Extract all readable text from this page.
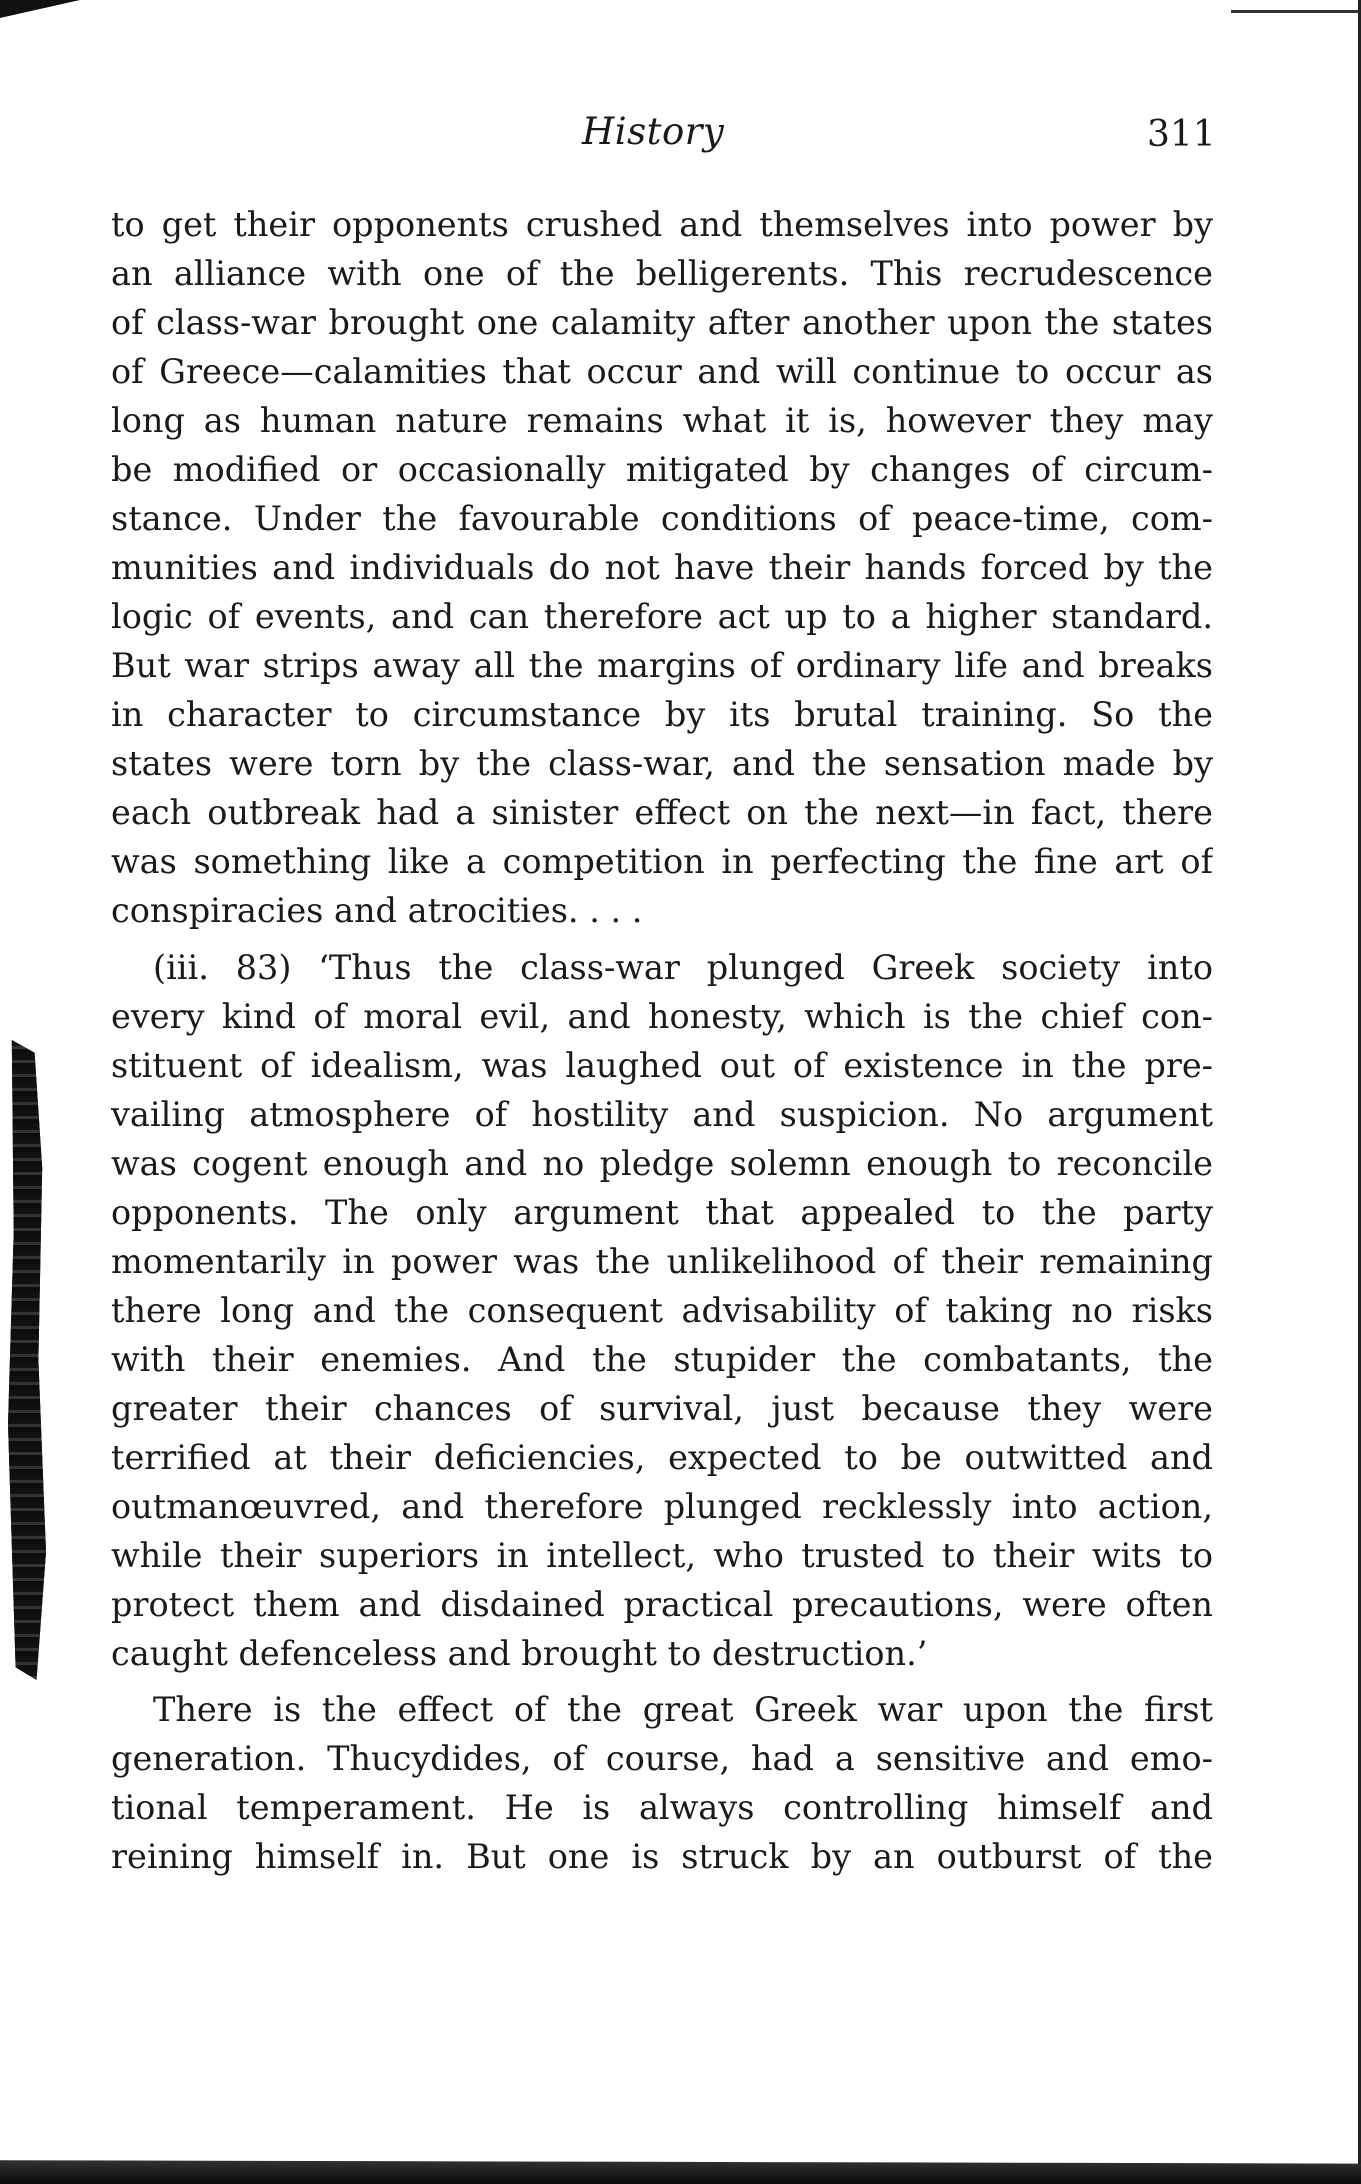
History	311
to get their opponents crushed and themselves into power by
an alliance with one of the belligerents. This recrudescence
of class-war brought one calamity after another upon the states
of Greece—calamities that occur and will continue to occur as
long as human nature remains what it is, however they may
be modified or occasionally mitigated by changes of circum-
stance. Under the favourable conditions of peace-time, com-
munities and individuals do not have their hands forced by the
logic of events, and can therefore act up to a higher standard.
But war strips away all the margins of ordinary life and breaks
in character to circumstance by its brutal training. So the
states were torn by the class-war, and the sensation made by
each outbreak had a sinister effect on the next—in fact, there
was something like a competition in perfecting the fine art of
conspiracies and atrocities. . . .
(iii. 83) ‘Thus the class-war plunged Greek society into
every kind of moral evil, and honesty, which is the chief con-
stituent of idealism, was laughed out of existence in the pre-
vailing atmosphere of hostility and suspicion. No argument
was cogent enough and no pledge solemn enough to reconcile
opponents. The only argument that appealed to the party
momentarily in power was the unlikelihood of their remaining
there long and the consequent advisability of taking no risks
with their enemies. And the stupider the combatants, the
greater their chances of survival, just because they were
terrified at their deficiencies, expected to be outwitted and
outmanœuvred, and therefore plunged recklessly into action,
while their superiors in intellect, who trusted to their wits to
protect them and disdained practical precautions, were often
caught defenceless and brought to destruction.’
There is the effect of the great Greek war upon the first
generation. Thucydides, of course, had a sensitive and emo-
tional temperament. He is always controlling himself and
reining himself in. But one is struck by an outburst of the
